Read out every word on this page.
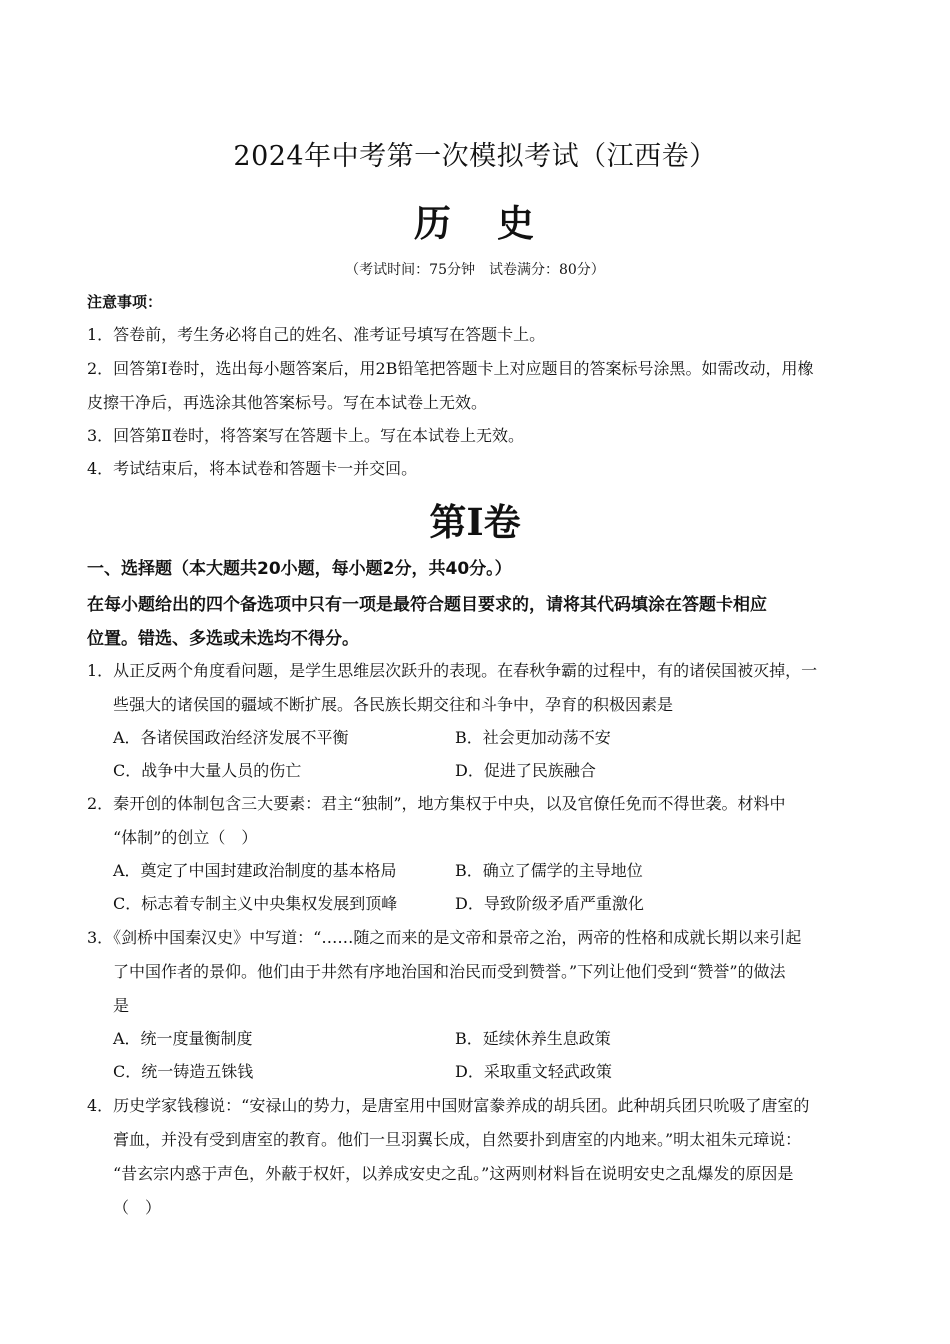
2024年中考第一次模拟考试（江西卷）
历 史
（考试时间：75分钟　试卷满分：80分）
注意事项：
1．答卷前，考生务必将自己的姓名、准考证号填写在答题卡上。
2．回答第Ⅰ卷时，选出每小题答案后，用2B铅笔把答题卡上对应题目的答案标号涂黑。如需改动，用橡
皮擦干净后，再选涂其他答案标号。写在本试卷上无效。
3．回答第Ⅱ卷时，将答案写在答题卡上。写在本试卷上无效。
4．考试结束后，将本试卷和答题卡一并交回。
第Ⅰ卷
一、选择题（本大题共20小题，每小题2分，共40分。）
在每小题给出的四个备选项中只有一项是最符合题目要求的，请将其代码填涂在答题卡相应
位置。错选、多选或未选均不得分。
1．从正反两个角度看问题，是学生思维层次跃升的表现。在春秋争霸的过程中，有的诸侯国被灭掉，一
些强大的诸侯国的疆域不断扩展。各民族长期交往和斗争中，孕育的积极因素是
A．各诸侯国政治经济发展不平衡	B．社会更加动荡不安
C．战争中大量人员的伤亡	D．促进了民族融合
2．秦开创的体制包含三大要素：君主“独制”，地方集权于中央，以及官僚任免而不得世袭。材料中
“体制”的创立（　）
A．奠定了中国封建政治制度的基本格局	B．确立了儒学的主导地位
C．标志着专制主义中央集权发展到顶峰	D．导致阶级矛盾严重激化
3．《剑桥中国秦汉史》中写道：“……随之而来的是文帝和景帝之治，两帝的性格和成就长期以来引起
了中国作者的景仰。他们由于井然有序地治国和治民而受到赞誉。”下列让他们受到“赞誉”的做法
是
A．统一度量衡制度	B．延续休养生息政策
C．统一铸造五铢钱	D．采取重文轻武政策
4．历史学家钱穆说：“安禄山的势力，是唐室用中国财富豢养成的胡兵团。此种胡兵团只吮吸了唐室的
膏血，并没有受到唐室的教育。他们一旦羽翼长成，自然要扑到唐室的内地来。”明太祖朱元璋说：
“昔玄宗内惑于声色，外蔽于权奸，以养成安史之乱。”这两则材料旨在说明安史之乱爆发的原因是
（　）
